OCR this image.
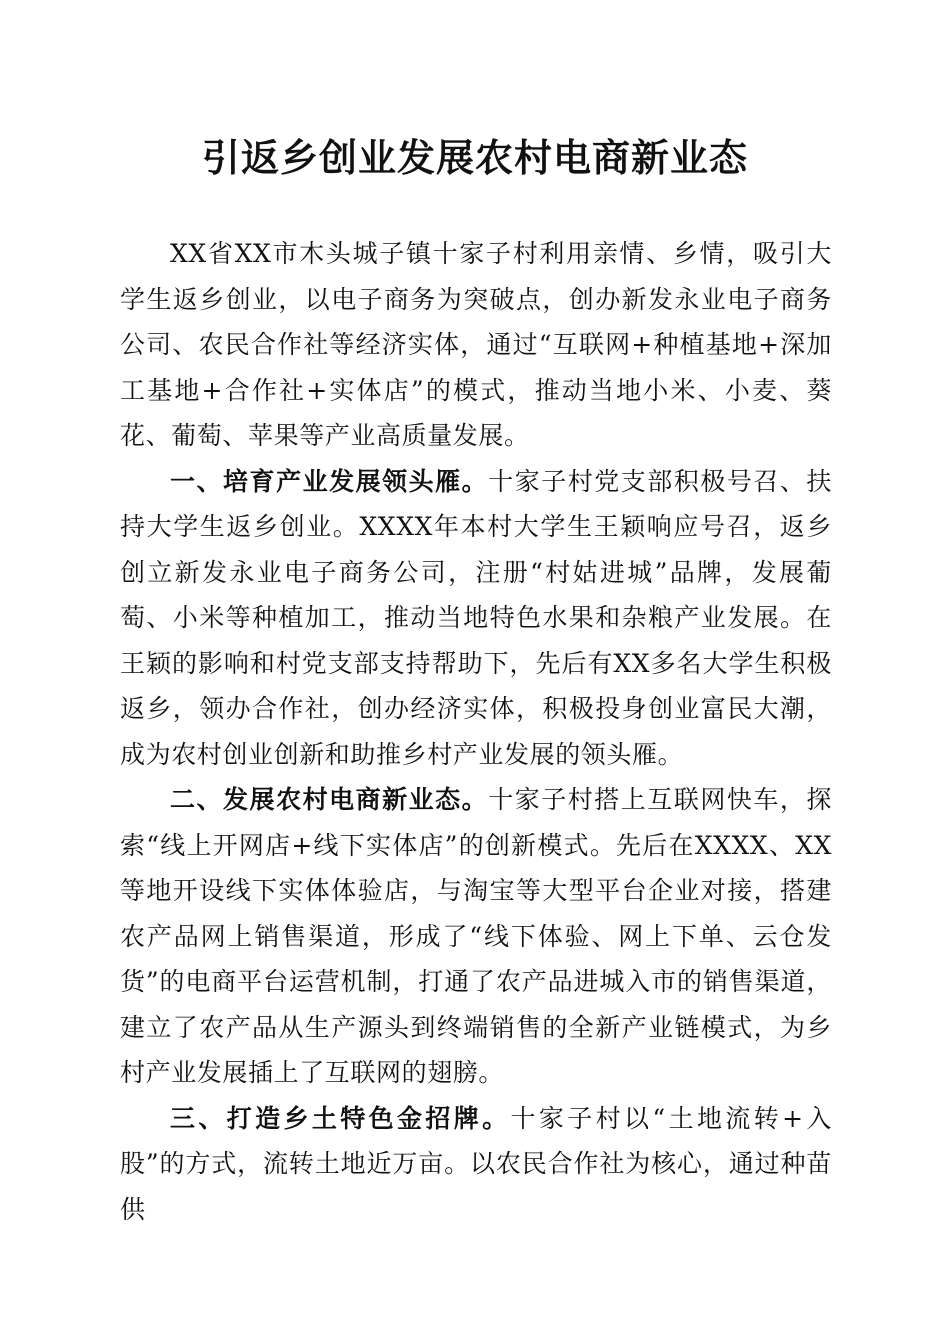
引返乡创业发展农村电商新业态

XX省XX市木头城子镇十家子村利用亲情、乡情，吸引大学生返乡创业，以电子商务为突破点，创办新发永业电子商务公司、农民合作社等经济实体，通过“互联网+种植基地+深加工基地+合作社+实体店”的模式，推动当地小米、小麦、葵花、葡萄、苹果等产业高质量发展。

一、培育产业发展领头雁。十家子村党支部积极号召、扶持大学生返乡创业。XXXX年本村大学生王颖响应号召，返乡创立新发永业电子商务公司，注册“村姑进城”品牌，发展葡萄、小米等种植加工，推动当地特色水果和杂粮产业发展。在王颖的影响和村党支部支持帮助下，先后有XX多名大学生积极返乡，领办合作社，创办经济实体，积极投身创业富民大潮，成为农村创业创新和助推乡村产业发展的领头雁。

二、发展农村电商新业态。十家子村搭上互联网快车，探索“线上开网店+线下实体店”的创新模式。先后在XXXX、XX等地开设线下实体体验店，与淘宝等大型平台企业对接，搭建农产品网上销售渠道，形成了“线下体验、网上下单、云仓发货”的电商平台运营机制，打通了农产品进城入市的销售渠道，建立了农产品从生产源头到终端销售的全新产业链模式，为乡村产业发展插上了互联网的翅膀。

三、打造乡土特色金招牌。十家子村以“土地流转+入股”的方式，流转土地近万亩。以农民合作社为核心，通过种苗供
